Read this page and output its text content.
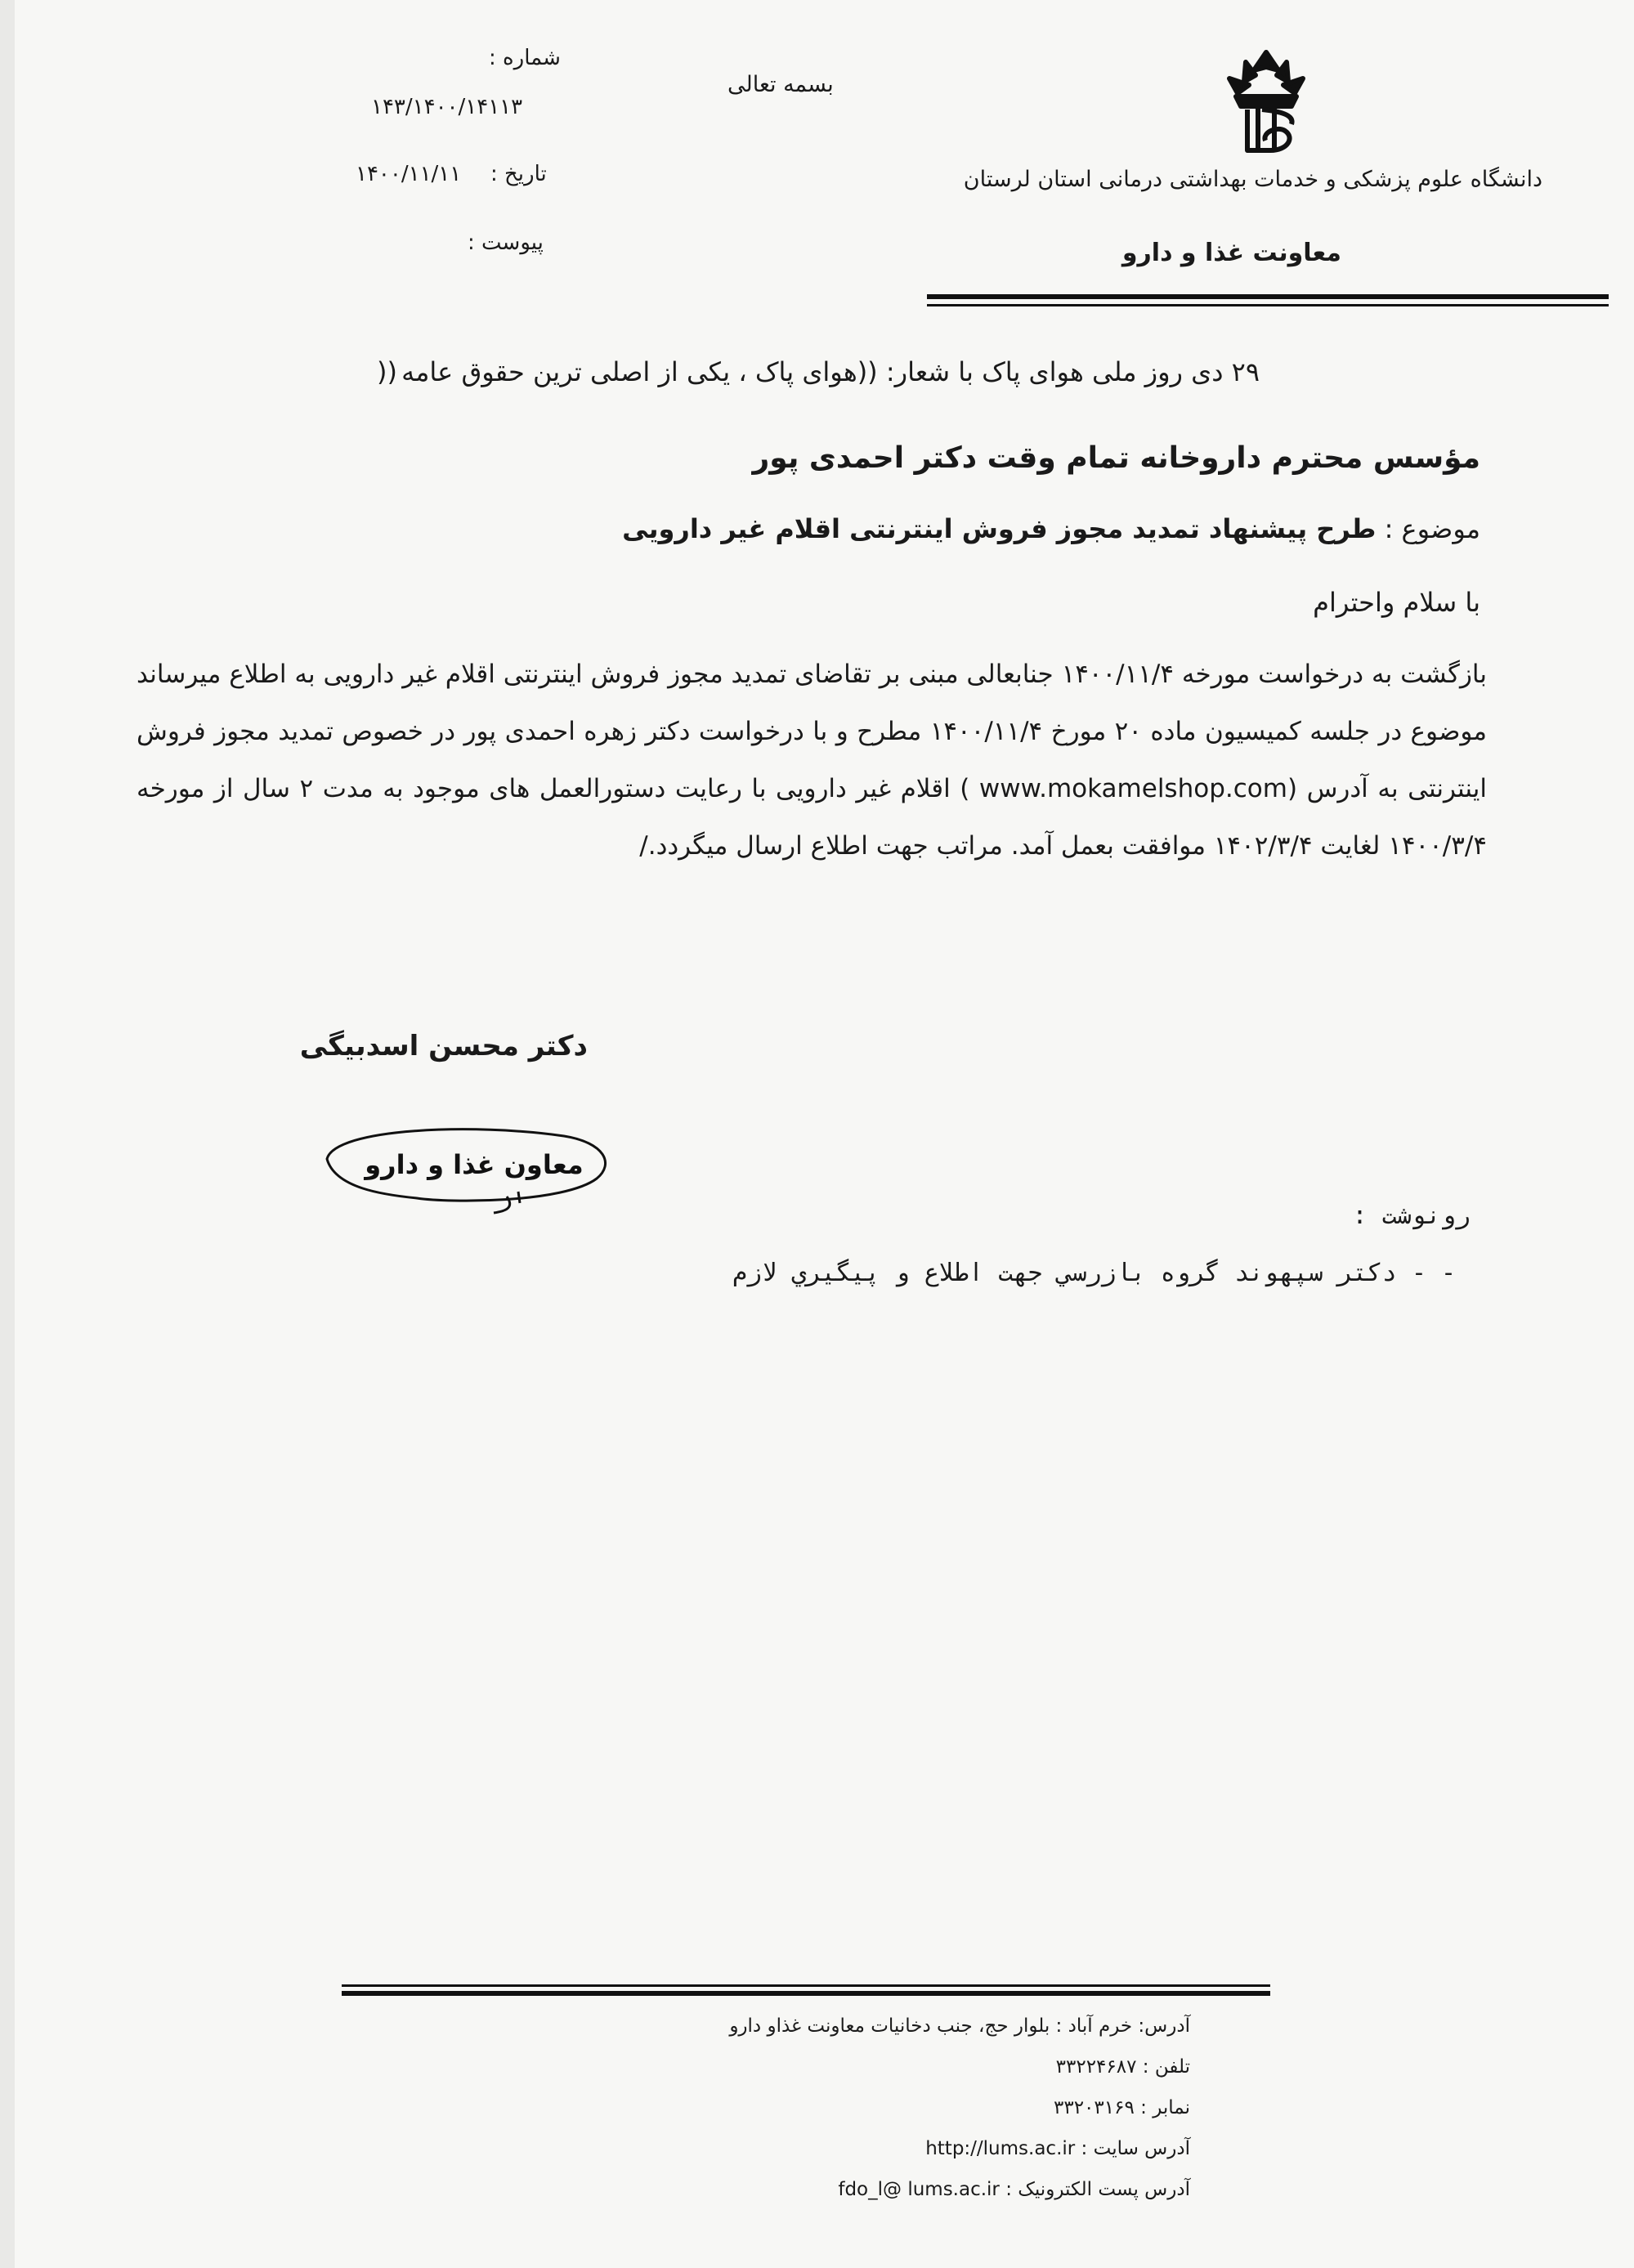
دانشگاه علوم پزشکی و خدمات بهداشتی درمانی استان لرستان
معاونت غذا و دارو
بسمه تعالی
شماره :
۱۴۳/۱۴۰۰/۱۴۱۱۳
تاریخ :
۱۴۰۰/۱۱/۱۱
پیوست :
۲۹ دی روز ملی هوای پاک با شعار: ((هوای پاک ، یکی از اصلی ترین حقوق عامه
))
مؤسس محترم داروخانه تمام وقت دکتر احمدی پور
موضوع : طرح پیشنهاد تمدید مجوز فروش اینترنتی اقلام غیر دارویی
با سلام واحترام
بازگشت به درخواست مورخه ۱۴۰۰/۱۱/۴ جنابعالی مبنی بر تقاضای تمدید مجوز فروش اینترنتی اقلام غیر دارویی به اطلاع میرساند موضوع در جلسه کمیسیون ماده ۲۰ مورخ ۱۴۰۰/۱۱/۴ مطرح و با درخواست دکتر زهره احمدی پور در خصوص تمدید مجوز فروش اینترنتی به آدرس (www.mokamelshop.com ) اقلام غیر دارویی با رعایت دستورالعمل های موجود به مدت ۲ سال از مورخه ۱۴۰۰/۳/۴ لغایت ۱۴۰۲/۳/۴ موافقت بعمل آمد. مراتب جهت اطلاع ارسال میگردد./
دکتر محسن اسدبیگی
معاون غذا و دارو
رونوشت :
- - دکتر سپهوند گروه بازرسي جهت اطلاع و پيگيري لازم
آدرس: خرم آباد : بلوار حج، جنب دخانیات معاونت غذاو دارو
تلفن : ۳۳۲۲۴۶۸۷
نمابر : ۳۳۲۰۳۱۶۹
آدرس سایت : http://lums.ac.ir
آدرس پست الکترونیک : fdo_l@ lums.ac.ir
